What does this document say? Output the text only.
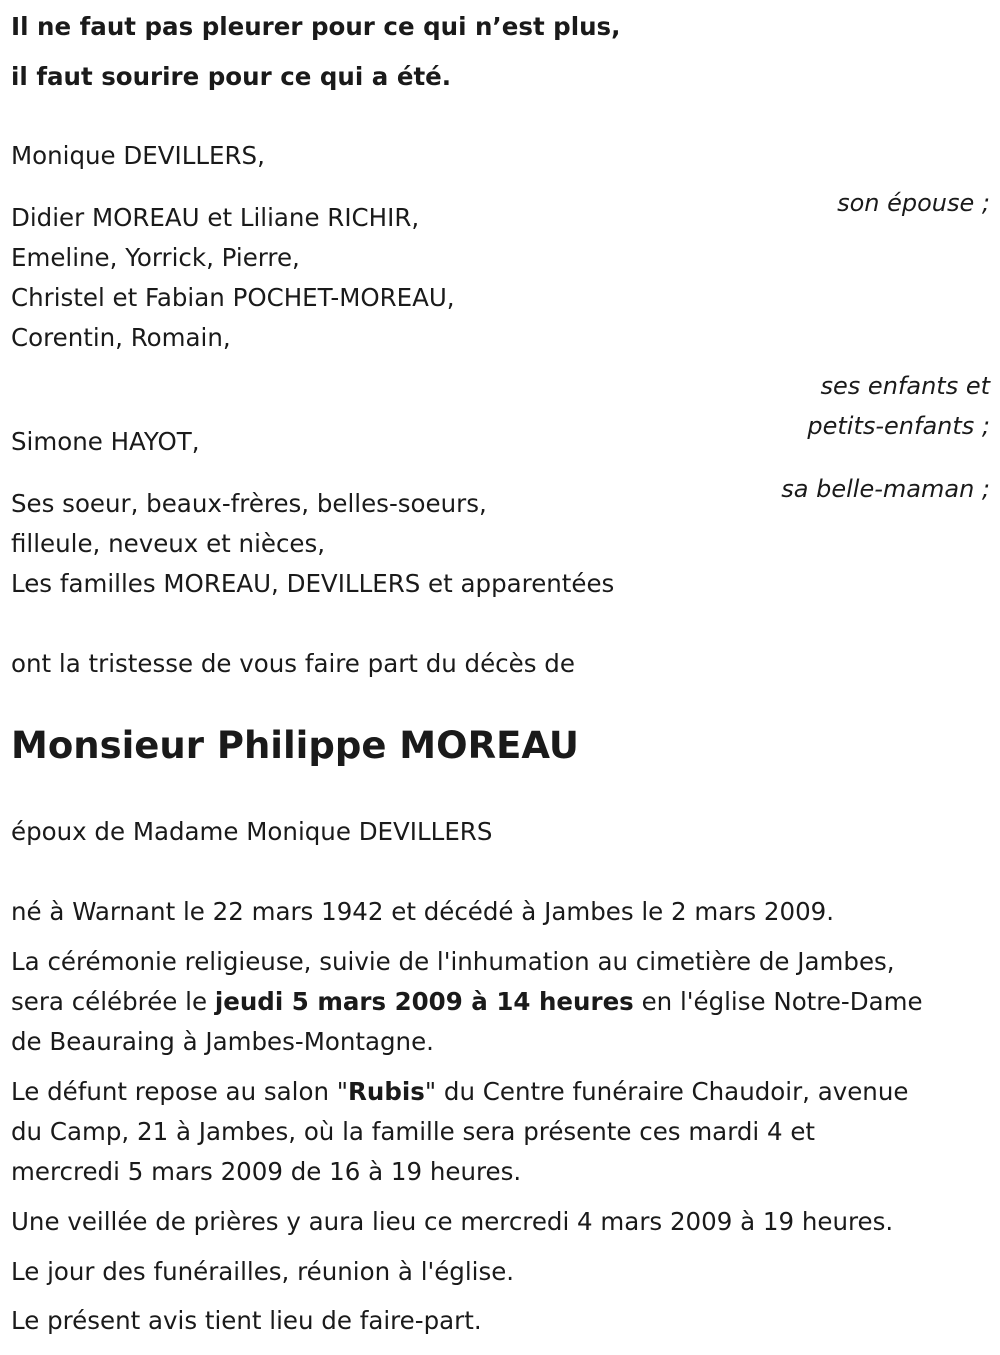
Il ne faut pas pleurer pour ce qui n’est plus,

il faut sourire pour ce qui a été.

Monique DEVILLERS,

son épouse ;

Didier MOREAU et Liliane RICHIR,

Emeline, Yorrick, Pierre,

Christel et Fabian POCHET-MOREAU,

Corentin, Romain,

ses enfants et

petits-enfants ;

Simone HAYOT,

sa belle-maman ;

Ses soeur, beaux-frères, belles-soeurs,

filleule, neveux et nièces,

Les familles MOREAU, DEVILLERS et apparentées

ont la tristesse de vous faire part du décès de

Monsieur Philippe MOREAU

époux de Madame Monique DEVILLERS

né à Warnant le 22 mars 1942 et décédé à Jambes le 2 mars 2009.

La cérémonie religieuse, suivie de l'inhumation au cimetière de Jambes,

sera célébrée le jeudi 5 mars 2009 à 14 heures en l'église Notre-Dame

de Beauraing à Jambes-Montagne.

Le défunt repose au salon "Rubis" du Centre funéraire Chaudoir, avenue

du Camp, 21 à Jambes, où la famille sera présente ces mardi 4 et

mercredi 5 mars 2009 de 16 à 19 heures.

Une veillée de prières y aura lieu ce mercredi 4 mars 2009 à 19 heures.

Le jour des funérailles, réunion à l'église.

Le présent avis tient lieu de faire-part.
